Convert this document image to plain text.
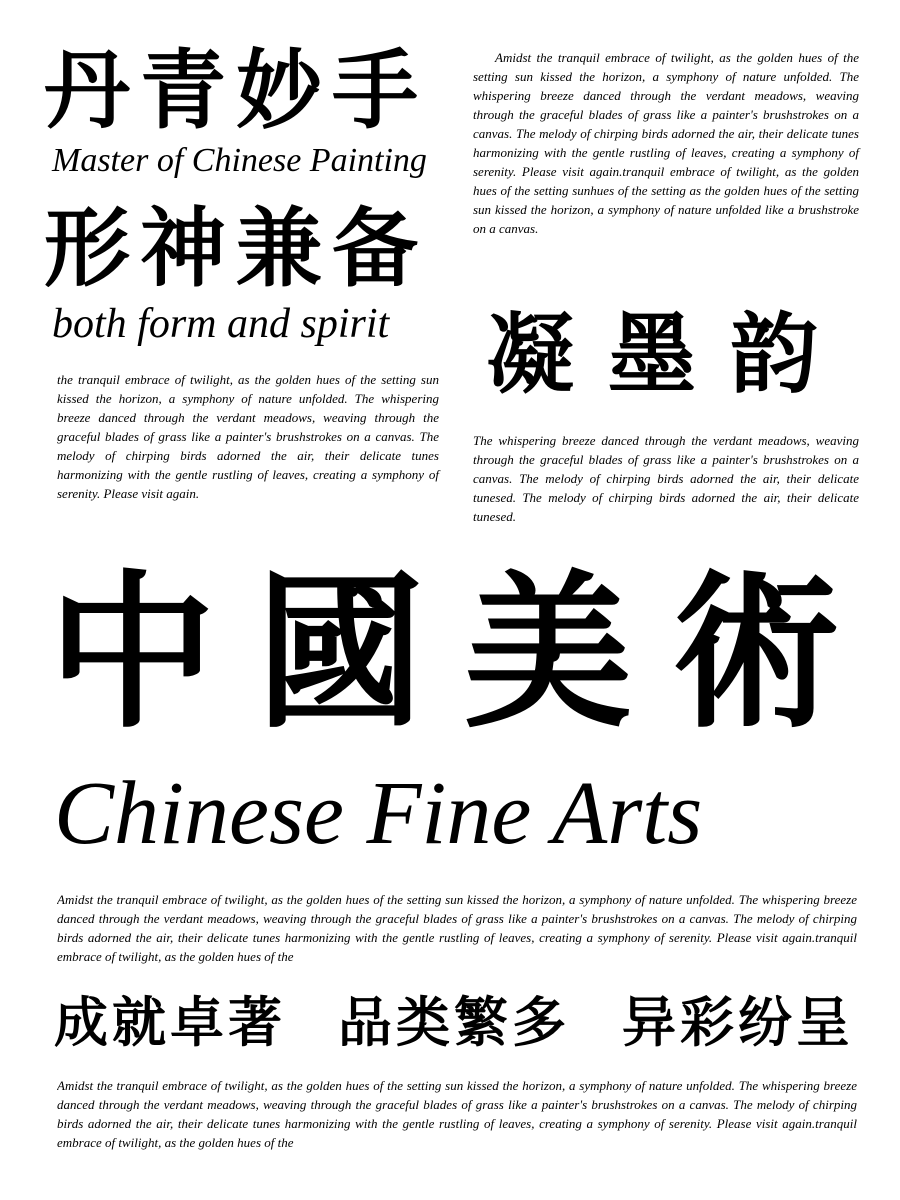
丹青妙手
Master of Chinese Painting
形神兼备
both form and spirit
the tranquil embrace of twilight, as the golden hues of the setting sun kissed the horizon, a symphony of nature unfolded. The whispering breeze danced through the verdant meadows, weaving through the graceful blades of grass like a painter's brushstrokes on a canvas. The melody of chirping birds adorned the air, their delicate tunes harmonizing with the gentle rustling of leaves, creating a symphony of serenity. Please visit again.
Amidst the tranquil embrace of twilight, as the golden hues of the setting sun kissed the horizon, a symphony of nature unfolded. The whispering breeze danced through the verdant meadows, weaving through the graceful blades of grass like a painter's brushstrokes on a canvas. The melody of chirping birds adorned the air, their delicate tunes harmonizing with the gentle rustling of leaves, creating a symphony of serenity. Please visit again.tranquil embrace of twilight, as the golden hues of the setting sunhues of the setting as the golden hues of the setting sun kissed the horizon, a symphony of nature unfolded like a brushstroke on a canvas.
凝墨韵
The whispering breeze danced through the verdant meadows, weaving through the graceful blades of grass like a painter's brushstrokes on a canvas. The melody of chirping birds adorned the air, their delicate tunesed. The melody of chirping birds adorned the air, their delicate tunesed.
中國美術
Chinese Fine Arts
Amidst the tranquil embrace of twilight, as the golden hues of the setting sun kissed the horizon, a symphony of nature unfolded. The whispering breeze danced through the verdant meadows, weaving through the graceful blades of grass like a painter's brushstrokes on a canvas. The melody of chirping birds adorned the air, their delicate tunes harmonizing with the gentle rustling of leaves, creating a symphony of serenity. Please visit again.tranquil embrace of twilight, as the golden hues of the
成就卓著 品类繁多 异彩纷呈
Amidst the tranquil embrace of twilight, as the golden hues of the setting sun kissed the horizon, a symphony of nature unfolded. The whispering breeze danced through the verdant meadows, weaving through the graceful blades of grass like a painter's brushstrokes on a canvas. The melody of chirping birds adorned the air, their delicate tunes harmonizing with the gentle rustling of leaves, creating a symphony of serenity. Please visit again.tranquil embrace of twilight, as the golden hues of the
